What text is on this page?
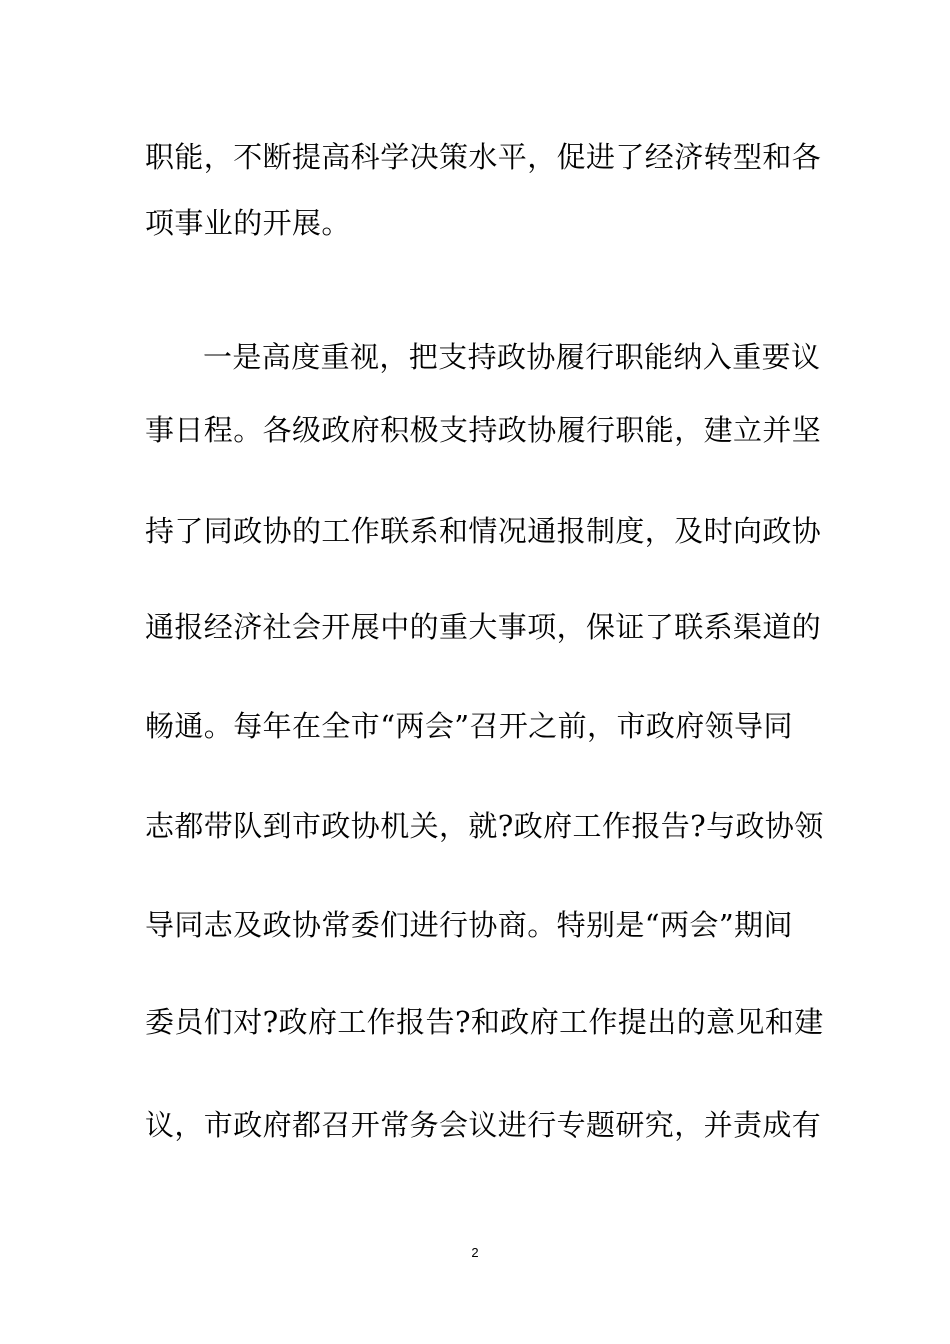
职能，不断提高科学决策水平，促进了经济转型和各
项事业的开展。
一是高度重视，把支持政协履行职能纳入重要议
事日程。各级政府积极支持政协履行职能，建立并坚
持了同政协的工作联系和情况通报制度，及时向政协
通报经济社会开展中的重大事项，保证了联系渠道的
畅通。每年在全市“两会”召开之前，市政府领导同
志都带队到市政协机关，就?政府工作报告?与政协领
导同志及政协常委们进行协商。特别是“两会”期间
委员们对?政府工作报告?和政府工作提出的意见和建
议，市政府都召开常务会议进行专题研究，并责成有
2
